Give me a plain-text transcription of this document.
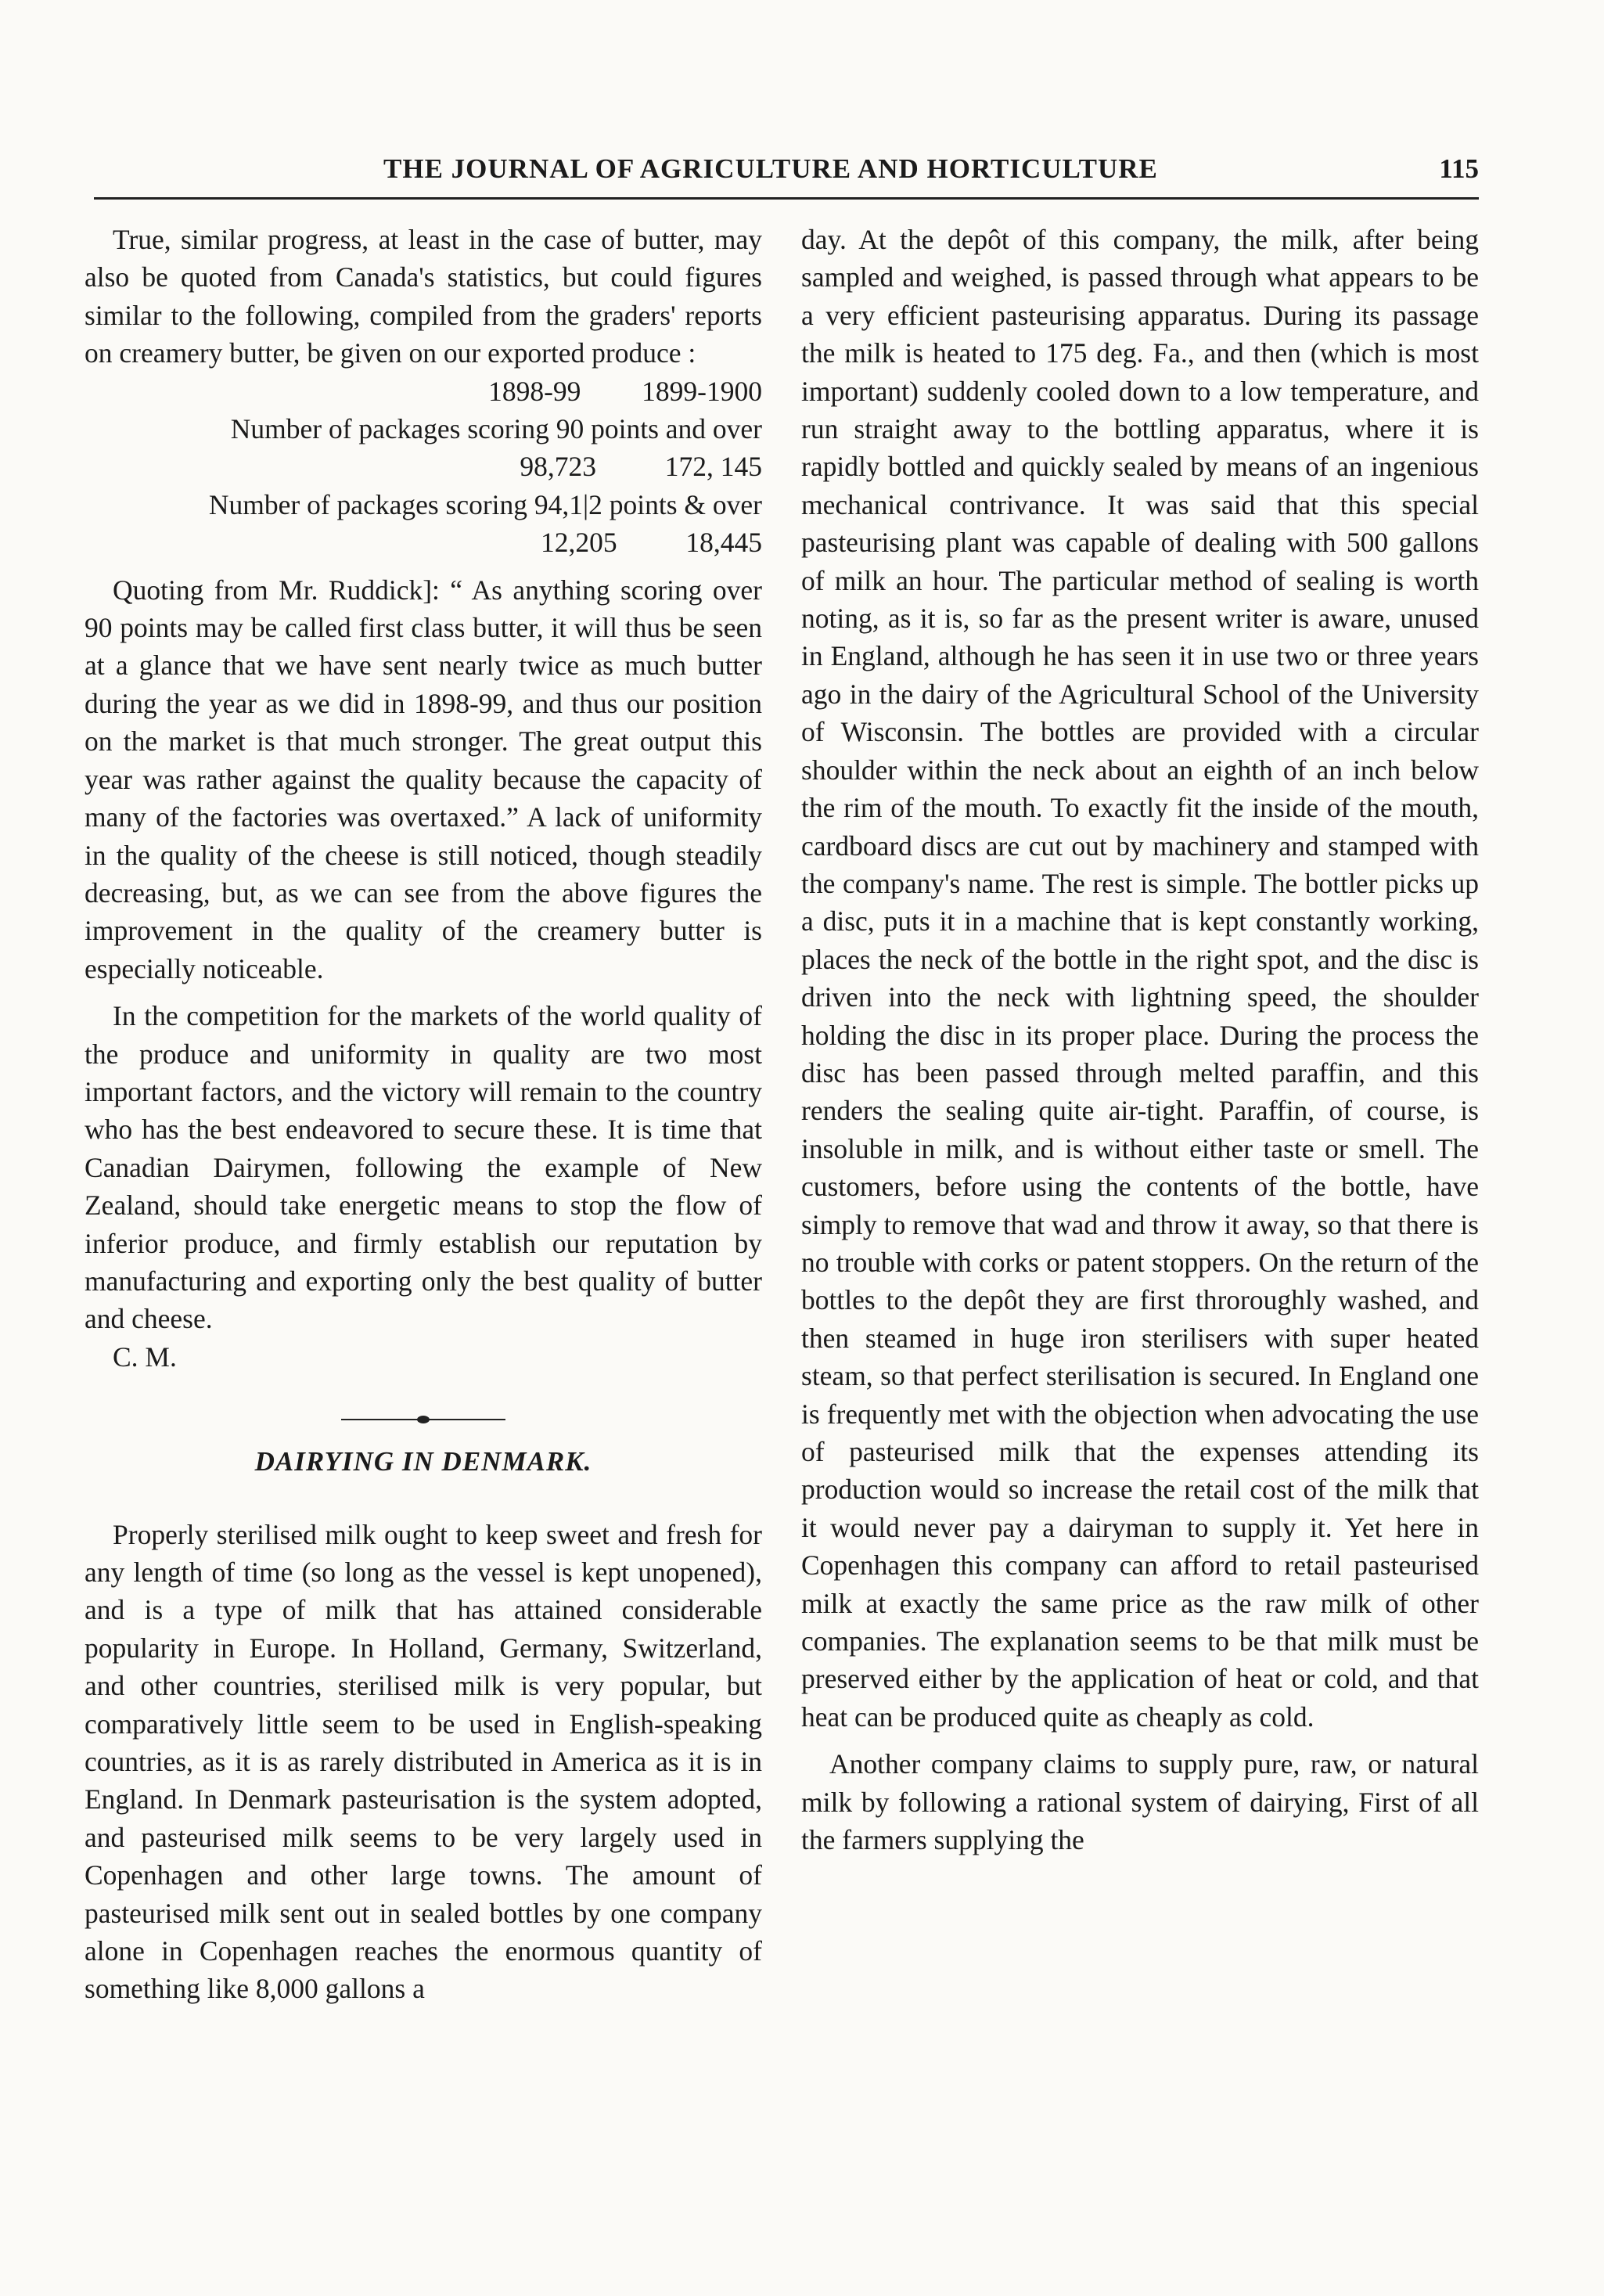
THE JOURNAL OF AGRICULTURE AND HORTICULTURE	115

True, similar progress, at least in the case of butter, may also be quoted from Canada's statistics, but could figures similar to the following, compiled from the graders' reports on creamery butter, be given on our exported produce :

1898-99 1899-1900
Number of packages scoring 90 points and over
98,723 172, 145
Number of packages scoring 94,1|2 points & over
12,205 18,445

Quoting from Mr. Ruddick]: “ As anything scoring over 90 points may be called first class butter, it will thus be seen at a glance that we have sent nearly twice as much butter during the year as we did in 1898-99, and thus our position on the market is that much stronger. The great output this year was rather against the quality because the capacity of many of the factories was overtaxed.” A lack of uniformity in the quality of the cheese is still noticed, though steadily decreasing, but, as we can see from the above figures the improvement in the quality of the creamery butter is especially noticeable.

In the competition for the markets of the world quality of the produce and uniformity in quality are two most important factors, and the victory will remain to the country who has the best endeavored to secure these. It is time that Canadian Dairymen, following the example of New Zealand, should take energetic means to stop the flow of inferior produce, and firmly establish our reputation by manufacturing and exporting only the best quality of butter and cheese.

C. M.

DAIRYING IN DENMARK.

Properly sterilised milk ought to keep sweet and fresh for any length of time (so long as the vessel is kept unopened), and is a type of milk that has attained considerable popularity in Europe. In Holland, Germany, Switzerland, and other countries, sterilised milk is very popular, but comparatively little seem to be used in English-speaking countries, as it is as rarely distributed in America as it is in England. In Denmark pasteurisation is the system adopted, and pasteurised milk seems to be very largely used in Copenhagen and other large towns. The amount of pasteurised milk sent out in sealed bottles by one company alone in Copenhagen reaches the enormous quantity of something like 8,000 gallons a

day. At the depôt of this company, the milk, after being sampled and weighed, is passed through what appears to be a very efficient pasteurising apparatus. During its passage the milk is heated to 175 deg. Fa., and then (which is most important) suddenly cooled down to a low temperature, and run straight away to the bottling apparatus, where it is rapidly bottled and quickly sealed by means of an ingenious mechanical contrivance. It was said that this special pasteurising plant was capable of dealing with 500 gallons of milk an hour. The particular method of sealing is worth noting, as it is, so far as the present writer is aware, unused in England, although he has seen it in use two or three years ago in the dairy of the Agricultural School of the University of Wisconsin. The bottles are provided with a circular shoulder within the neck about an eighth of an inch below the rim of the mouth. To exactly fit the inside of the mouth, cardboard discs are cut out by machinery and stamped with the company's name. The rest is simple. The bottler picks up a disc, puts it in a machine that is kept constantly working, places the neck of the bottle in the right spot, and the disc is driven into the neck with lightning speed, the shoulder holding the disc in its proper place. During the process the disc has been passed through melted paraffin, and this renders the sealing quite air-tight. Paraffin, of course, is insoluble in milk, and is without either taste or smell. The customers, before using the contents of the bottle, have simply to remove that wad and throw it away, so that there is no trouble with corks or patent stoppers. On the return of the bottles to the depôt they are first throroughly washed, and then steamed in huge iron sterilisers with super heated steam, so that perfect sterilisation is secured. In England one is frequently met with the objection when advocating the use of pasteurised milk that the expenses attending its production would so increase the retail cost of the milk that it would never pay a dairyman to supply it. Yet here in Copenhagen this company can afford to retail pasteurised milk at exactly the same price as the raw milk of other companies. The explanation seems to be that milk must be preserved either by the application of heat or cold, and that heat can be produced quite as cheaply as cold.

Another company claims to supply pure, raw, or natural milk by following a rational system of dairying, First of all the farmers supplying the
